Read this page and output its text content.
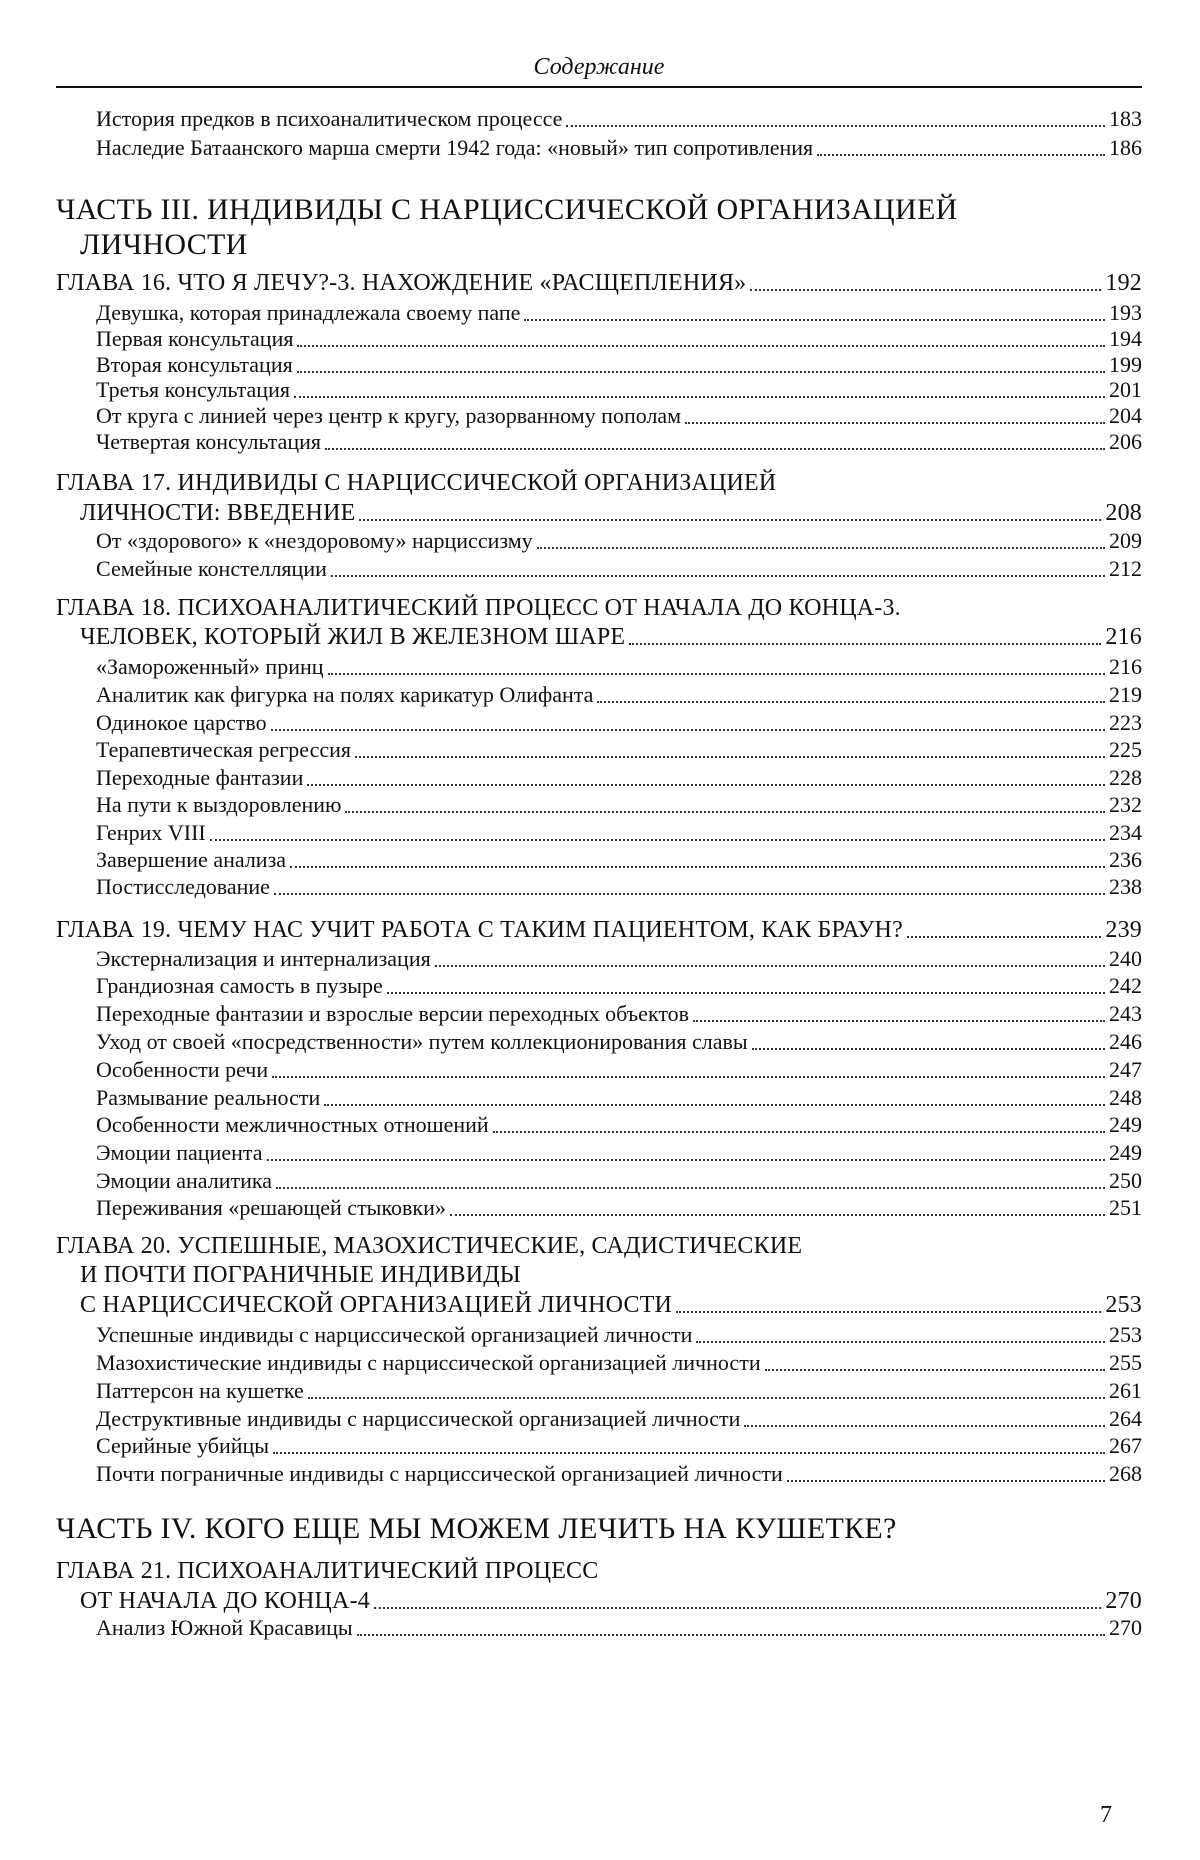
Содержание
История предков в психоаналитическом процессе	183
Наследие Батаанского марша смерти 1942 года: «новый» тип сопротивления	186
ЧАСТЬ III. ИНДИВИДЫ С НАРЦИССИЧЕСКОЙ ОРГАНИЗАЦИЕЙ
ЛИЧНОСТИ
ГЛАВА 16. ЧТО Я ЛЕЧУ?-3. НАХОЖДЕНИЕ «РАСЩЕПЛЕНИЯ»	192
Девушка, которая принадлежала своему папе	193
Первая консультация	194
Вторая консультация	199
Третья консультация	201
От круга с линией через центр к кругу, разорванному пополам	204
Четвертая консультация	206
ГЛАВА 17. ИНДИВИДЫ С НАРЦИССИЧЕСКОЙ ОРГАНИЗАЦИЕЙ
ЛИЧНОСТИ: ВВЕДЕНИЕ	208
От «здорового» к «нездоровому» нарциссизму	209
Семейные констелляции	212
ГЛАВА 18. ПСИХОАНАЛИТИЧЕСКИЙ ПРОЦЕСС ОТ НАЧАЛА ДО КОНЦА-3.
ЧЕЛОВЕК, КОТОРЫЙ ЖИЛ В ЖЕЛЕЗНОМ ШАРЕ	216
«Замороженный» принц	216
Аналитик как фигурка на полях карикатур Олифанта	219
Одинокое царство	223
Терапевтическая регрессия	225
Переходные фантазии	228
На пути к выздоровлению	232
Генрих VIII	234
Завершение анализа	236
Постисследование	238
ГЛАВА 19. ЧЕМУ НАС УЧИТ РАБОТА С ТАКИМ ПАЦИЕНТОМ, КАК БРАУН?	239
Экстернализация и интернализация	240
Грандиозная самость в пузыре	242
Переходные фантазии и взрослые версии переходных объектов	243
Уход от своей «посредственности» путем коллекционирования славы	246
Особенности речи	247
Размывание реальности	248
Особенности межличностных отношений	249
Эмоции пациента	249
Эмоции аналитика	250
Переживания «решающей стыковки»	251
ГЛАВА 20. УСПЕШНЫЕ, МАЗОХИСТИЧЕСКИЕ, САДИСТИЧЕСКИЕ
И ПОЧТИ ПОГРАНИЧНЫЕ ИНДИВИДЫ
С НАРЦИССИЧЕСКОЙ ОРГАНИЗАЦИЕЙ ЛИЧНОСТИ	253
Успешные индивиды с нарциссической организацией личности	253
Мазохистические индивиды с нарциссической организацией личности	255
Паттерсон на кушетке	261
Деструктивные индивиды с нарциссической организацией личности	264
Серийные убийцы	267
Почти пограничные индивиды с нарциссической организацией личности	268
ЧАСТЬ IV. КОГО ЕЩЕ МЫ МОЖЕМ ЛЕЧИТЬ НА КУШЕТКЕ?
ГЛАВА 21. ПСИХОАНАЛИТИЧЕСКИЙ ПРОЦЕСС
ОТ НАЧАЛА ДО КОНЦА-4	270
Анализ Южной Красавицы	270
7
